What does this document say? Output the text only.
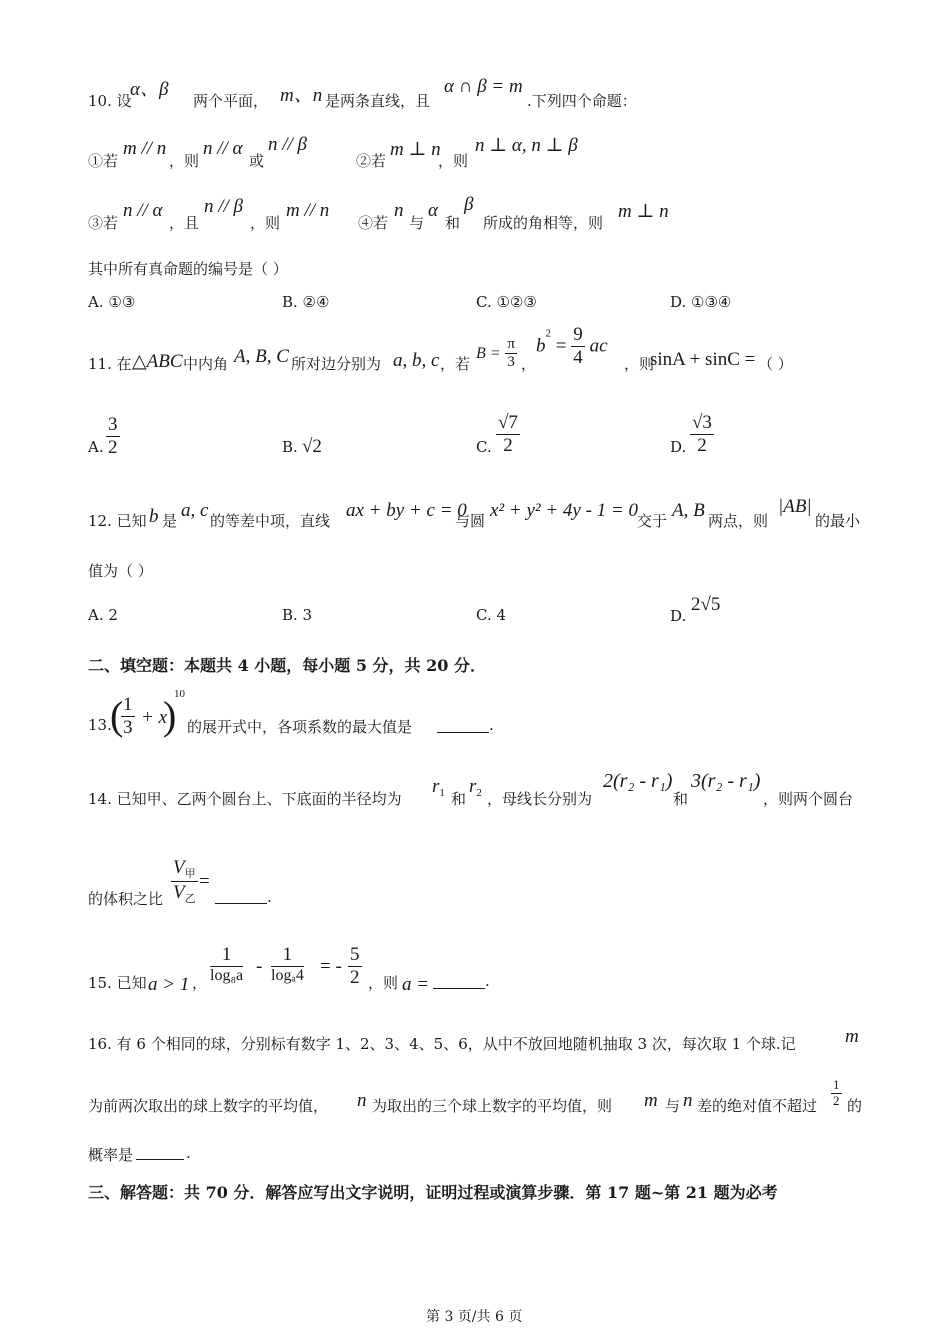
10. 设
α、β
两个平面， m、n 是两条直线，且
α ∩ β = m
.下列四个命题：
①若
m // n
，则
n // α
或
n // β
②若
m ⊥ n
，则
n ⊥ α, n ⊥ β
③若
n // α
，且
n // β
，则
m // n
④若
n
与
α
和
β
所成的角相等，则
m ⊥ n
其中所有真命题的编号是（ ）
A. ①③	B. ②④	C. ①②③	D. ①③④
11. 在 △ABC 中内角 A, B, C 所对边分别为 a, b, c ，若
$B = \frac{\pi}{3}$ ，
$b^2 = \frac{9}{4}$ ac
，则
sinA + sinC = （ ）
A. $\frac{3}{2}$	B. √2	C. $\frac{√7}{2}$	D. $\frac{√3}{2}$
12. 已知 b 是 a, c 的等差中项，直线 ax + by + c = 0
与圆 x² + y² + 4y - 1 = 0 交于 A, B 两点，则
|AB|
的最小
值为（ ）
A. 2	B. 3	C. 4	D.
2√5
二、填空题：本题共 4 小题，每小题 5 分，共 20 分．
13.
(
$\frac{1}{3} + x$
)
10
的展开式中，各项系数的最大值是	.
14. 已知甲、乙两个圆台上、下底面的半径均为
$r_1$ 和
$r_2$ ，母线长分别为
2(r₂ - r₁)
和
3(r₂ - r₁)
，则两个圆台
的体积之比
$V_甲$
$V_乙$
=
.
15. 已知 a > 1 ，
1
log₈a -
1
logₐ4 = - $\frac{5}{2}$ ，则 a =	.
16. 有 6 个相同的球，分别标有数字 1、2、3、4、5、6，从中不放回地随机抽取 3 次，每次取 1 个球.记	m
为前两次取出的球上数字的平均值， n 为取出的三个球上数字的平均值，则 m 与 n 差的绝对值不超过 $\frac{1}{2}$ 的
概率是	.
三、解答题：共 70 分．解答应写出文字说明，证明过程或演算步骤．第 17 题~第 21 题为必考
第 3 页/共 6 页
